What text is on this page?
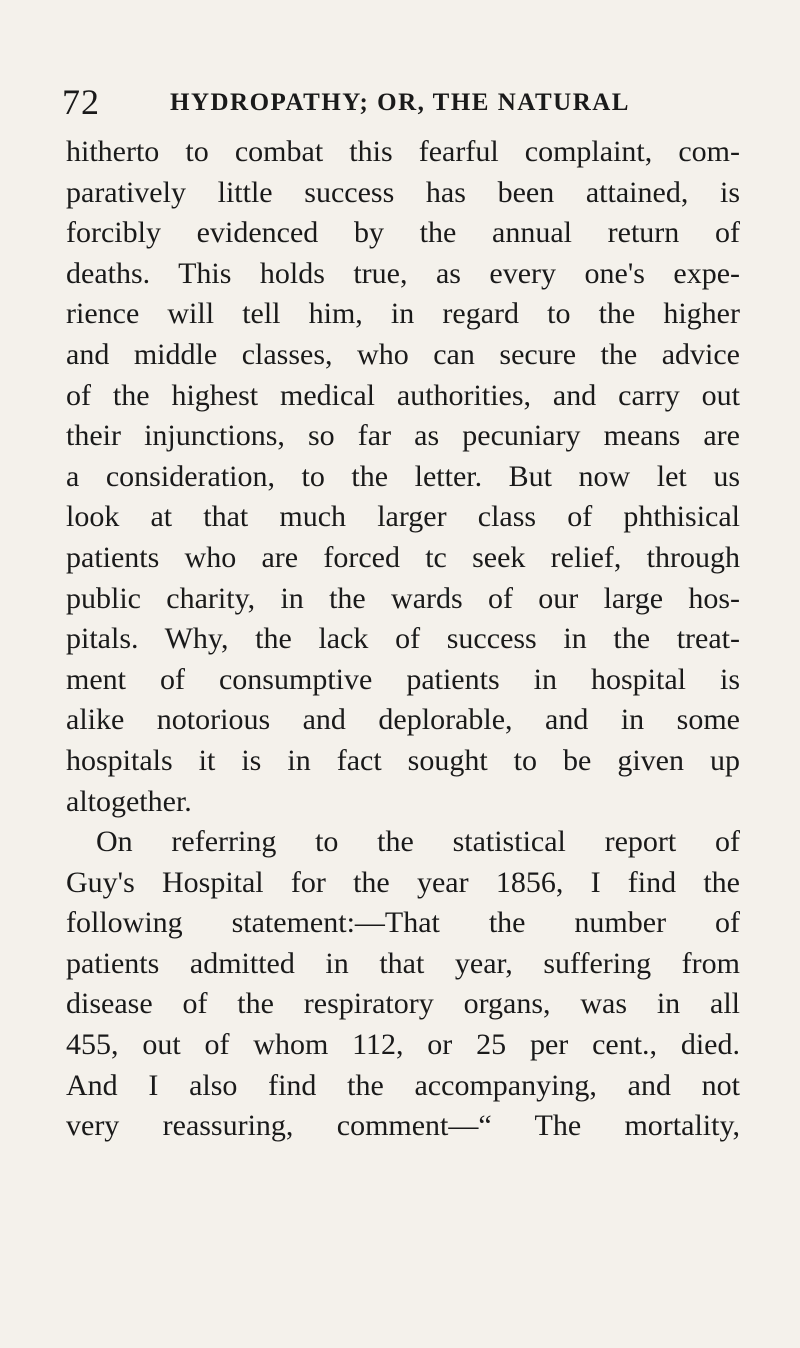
72	HYDROPATHY; OR, THE NATURAL
hitherto to combat this fearful complaint, com-
paratively little success has been attained, is
forcibly evidenced by the annual return of
deaths. This holds true, as every one's expe-
rience will tell him, in regard to the higher
and middle classes, who can secure the advice
of the highest medical authorities, and carry out
their injunctions, so far as pecuniary means are
a consideration, to the letter. But now let us
look at that much larger class of phthisical
patients who are forced tc seek relief, through
public charity, in the wards of our large hos-
pitals. Why, the lack of success in the treat-
ment of consumptive patients in hospital is
alike notorious and deplorable, and in some
hospitals it is in fact sought to be given up
altogether.
On referring to the statistical report of
Guy's Hospital for the year 1856, I find the
following statement:—That the number of
patients admitted in that year, suffering from
disease of the respiratory organs, was in all
455, out of whom 112, or 25 per cent., died.
And I also find the accompanying, and not
very reassuring, comment—“ The mortality,
